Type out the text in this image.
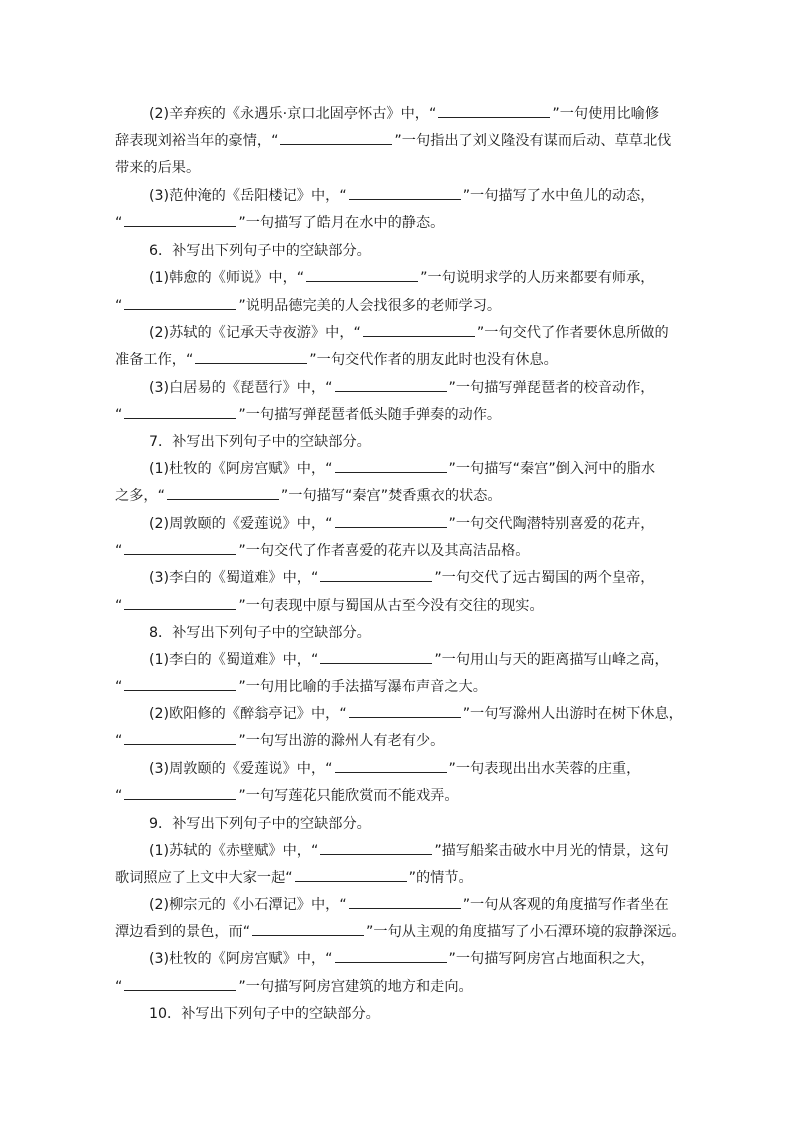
(2)辛弃疾的《永遇乐·京口北固亭怀古》中，“	”一句使用比喻修
辞表现刘裕当年的豪情，“	”一句指出了刘义隆没有谋而后动、草草北伐
带来的后果。
(3)范仲淹的《岳阳楼记》中，“	”一句描写了水中鱼儿的动态，
“	”一句描写了皓月在水中的静态。
6．补写出下列句子中的空缺部分。
(1)韩愈的《师说》中，“	”一句说明求学的人历来都要有师承，
“	”说明品德完美的人会找很多的老师学习。
(2)苏轼的《记承天寺夜游》中，“	”一句交代了作者要休息所做的
准备工作，“	”一句交代作者的朋友此时也没有休息。
(3)白居易的《琵琶行》中，“	”一句描写弹琵琶者的校音动作，
“	”一句描写弹琵琶者低头随手弹奏的动作。
7．补写出下列句子中的空缺部分。
(1)杜牧的《阿房宫赋》中，“	”一句描写“秦宫”倒入河中的脂水
之多，“	”一句描写“秦宫”焚香熏衣的状态。
(2)周敦颐的《爱莲说》中，“	”一句交代陶潜特别喜爱的花卉，
“	”一句交代了作者喜爱的花卉以及其高洁品格。
(3)李白的《蜀道难》中，“	”一句交代了远古蜀国的两个皇帝，
“	”一句表现中原与蜀国从古至今没有交往的现实。
8．补写出下列句子中的空缺部分。
(1)李白的《蜀道难》中，“	”一句用山与天的距离描写山峰之高，
“	”一句用比喻的手法描写瀑布声音之大。
(2)欧阳修的《醉翁亭记》中，“	”一句写滁州人出游时在树下休息，
“	”一句写出游的滁州人有老有少。
(3)周敦颐的《爱莲说》中，“	”一句表现出出水芙蓉的庄重，
“	”一句写莲花只能欣赏而不能戏弄。
9．补写出下列句子中的空缺部分。
(1)苏轼的《赤壁赋》中，“	”描写船桨击破水中月光的情景，这句
歌词照应了上文中大家一起“	”的情节。
(2)柳宗元的《小石潭记》中，“	”一句从客观的角度描写作者坐在
潭边看到的景色，而“	”一句从主观的角度描写了小石潭环境的寂静深远。
(3)杜牧的《阿房宫赋》中，“	”一句描写阿房宫占地面积之大，
“	”一句描写阿房宫建筑的地方和走向。
10．补写出下列句子中的空缺部分。
